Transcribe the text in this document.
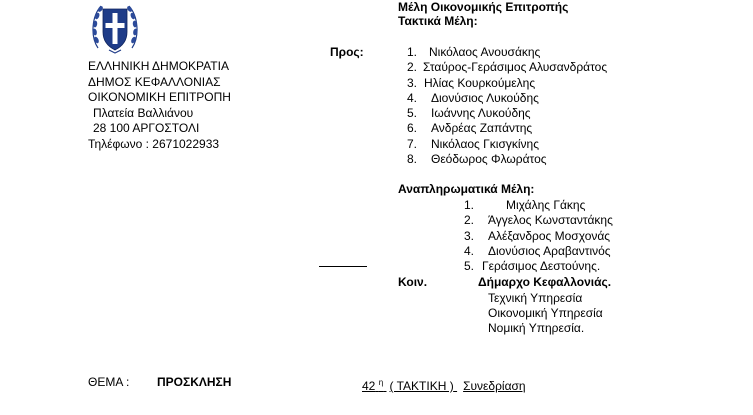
ΕΛΛΗΝΙΚΗ ΔΗΜΟΚΡΑΤΙΑ
ΔΗΜΟΣ ΚΕΦΑΛΛΟΝΙΑΣ
ΟΙΚΟΝΟΜΙΚΗ ΕΠΙΤΡΟΠΗ
Πλατεία Βαλλιάνου
28 100 ΑΡΓΟΣΤΟΛΙ
Τηλέφωνο : 2671022933
Μέλη Οικονομικής Επιτροπής
Τακτικά Μέλη:
Προς:	1. Νικόλαος Ανουσάκης
2. Σταύρος-Γεράσιμος Αλυσανδράτος
3. Ηλίας Κουρκούμελης
4. Διονύσιος Λυκούδης
5. Ιωάννης Λυκούδης
6. Ανδρέας Ζαπάντης
7. Νικόλαος Γκισγκίνης
8. Θεόδωρος Φλωράτος
Αναπληρωματικά Μέλη:
1.	Μιχάλης Γάκης
2. Άγγελος Κωνσταντάκης
3. Αλέξανδρος Μοσχονάς
4. Διονύσιος Αραβαντινός
5. Γεράσιμος Δεστούνης.
Κοιν.	Δήμαρχο Κεφαλλονιάς.
Τεχνική Υπηρεσία
Οικονομική Υπηρεσία
Νομική Υπηρεσία.
ΘΕΜΑ : ΠΡΟΣΚΛΗΣΗ	42 $^\eta$ ( ΤΑΚΤΙΚΗ ) Συνεδρίαση
